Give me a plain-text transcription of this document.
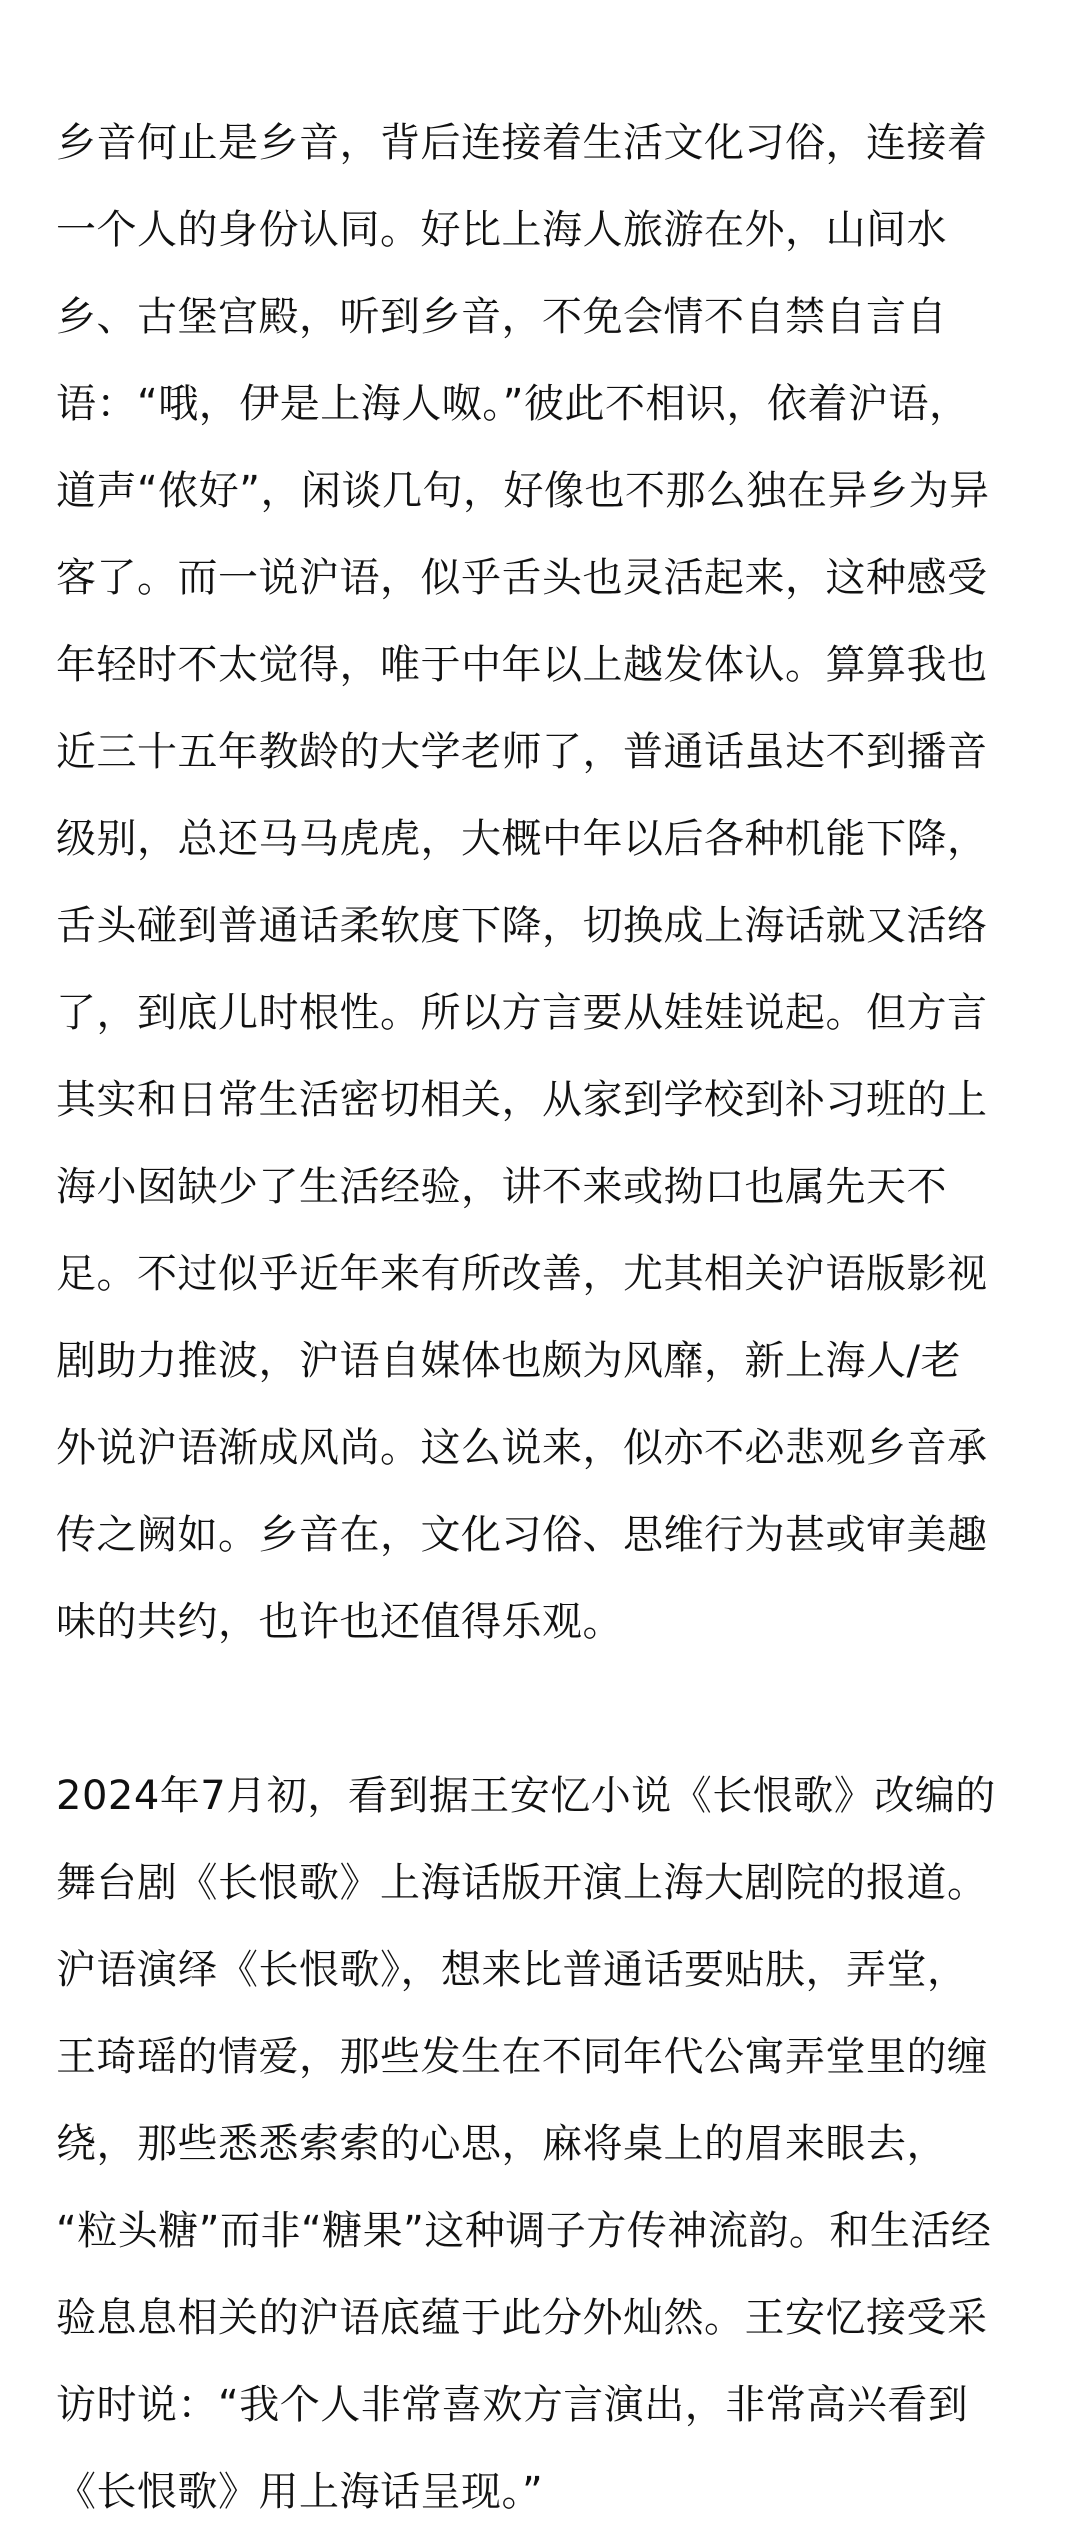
乡音何止是乡音，背后连接着生活文化习俗，连接着
一个人的身份认同。好比上海人旅游在外，山间水
乡、古堡宫殿，听到乡音，不免会情不自禁自言自
语：“哦，伊是上海人呶。”彼此不相识，依着沪语，
道声“侬好”，闲谈几句，好像也不那么独在异乡为异
客了。而一说沪语，似乎舌头也灵活起来，这种感受
年轻时不太觉得，唯于中年以上越发体认。算算我也
近三十五年教龄的大学老师了，普通话虽达不到播音
级别，总还马马虎虎，大概中年以后各种机能下降，
舌头碰到普通话柔软度下降，切换成上海话就又活络
了，到底儿时根性。所以方言要从娃娃说起。但方言
其实和日常生活密切相关，从家到学校到补习班的上
海小囡缺少了生活经验，讲不来或拗口也属先天不
足。不过似乎近年来有所改善，尤其相关沪语版影视
剧助力推波，沪语自媒体也颇为风靡，新上海人/老
外说沪语渐成风尚。这么说来，似亦不必悲观乡音承
传之阙如。乡音在，文化习俗、思维行为甚或审美趣
味的共约，也许也还值得乐观。
2024年7月初，看到据王安忆小说《长恨歌》改编的
舞台剧《长恨歌》上海话版开演上海大剧院的报道。
沪语演绎《长恨歌》，想来比普通话要贴肤，弄堂，
王琦瑶的情爱，那些发生在不同年代公寓弄堂里的缠
绕，那些悉悉索索的心思，麻将桌上的眉来眼去，
“粒头糖”而非“糖果”这种调子方传神流韵。和生活经
验息息相关的沪语底蕴于此分外灿然。王安忆接受采
访时说：“我个人非常喜欢方言演出，非常高兴看到
《长恨歌》用上海话呈现。”
